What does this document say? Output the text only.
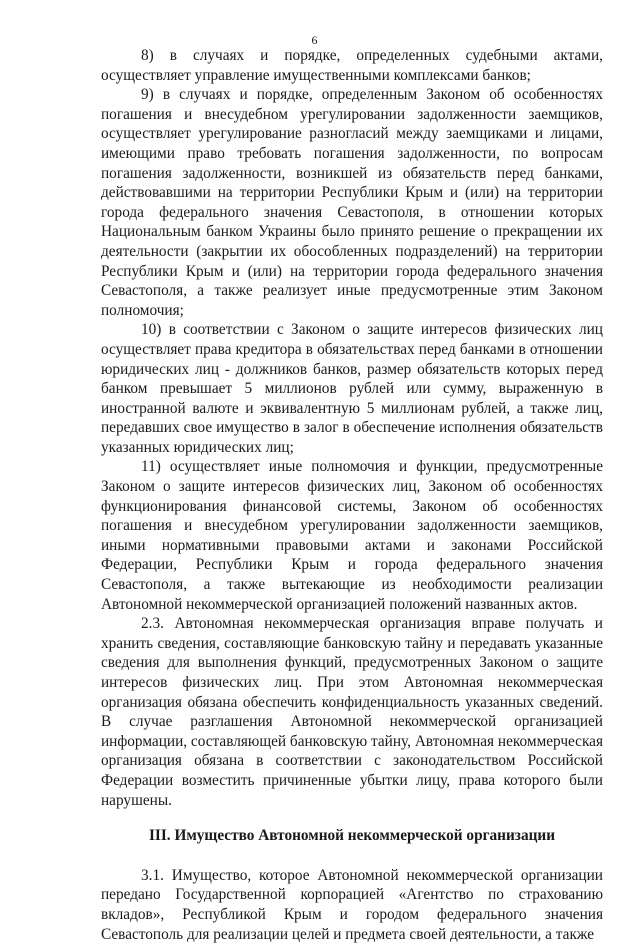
6

8) в случаях и порядке, определенных судебными актами, осуществляет управление имущественными комплексами банков;

9) в случаях и порядке, определенным Законом об особенностях погашения и внесудебном урегулировании задолженности заемщиков, осуществляет урегулирование разногласий между заемщиками и лицами, имеющими право требовать погашения задолженности, по вопросам погашения задолженности, возникшей из обязательств перед банками, действовавшими на территории Республики Крым и (или) на территории города федерального значения Севастополя, в отношении которых Национальным банком Украины было принято решение о прекращении их деятельности (закрытии их обособленных подразделений) на территории Республики Крым и (или) на территории города федерального значения Севастополя, а также реализует иные предусмотренные этим Законом полномочия;

10) в соответствии с Законом о защите интересов физических лиц осуществляет права кредитора в обязательствах перед банками в отношении юридических лиц - должников банков, размер обязательств которых перед банком превышает 5 миллионов рублей или сумму, выраженную в иностранной валюте и эквивалентную 5 миллионам рублей, а также лиц, передавших свое имущество в залог в обеспечение исполнения обязательств указанных юридических лиц;

11) осуществляет иные полномочия и функции, предусмотренные Законом о защите интересов физических лиц, Законом об особенностях функционирования финансовой системы, Законом об особенностях погашения и внесудебном урегулировании задолженности заемщиков, иными нормативными правовыми актами и законами Российской Федерации, Республики Крым и города федерального значения Севастополя, а также вытекающие из необходимости реализации Автономной некоммерческой организацией положений названных актов.

2.3. Автономная некоммерческая организация вправе получать и хранить сведения, составляющие банковскую тайну и передавать указанные сведения для выполнения функций, предусмотренных Законом о защите интересов физических лиц. При этом Автономная некоммерческая организация обязана обеспечить конфиденциальность указанных сведений. В случае разглашения Автономной некоммерческой организацией информации, составляющей банковскую тайну, Автономная некоммерческая организация обязана в соответствии с законодательством Российской Федерации возместить причиненные убытки лицу, права которого были нарушены.

III. Имущество Автономной некоммерческой организации

3.1. Имущество, которое Автономной некоммерческой организации передано Государственной корпорацией «Агентство по страхованию вкладов», Республикой Крым и городом федерального значения Севастополь для реализации целей и предмета своей деятельности, а также
